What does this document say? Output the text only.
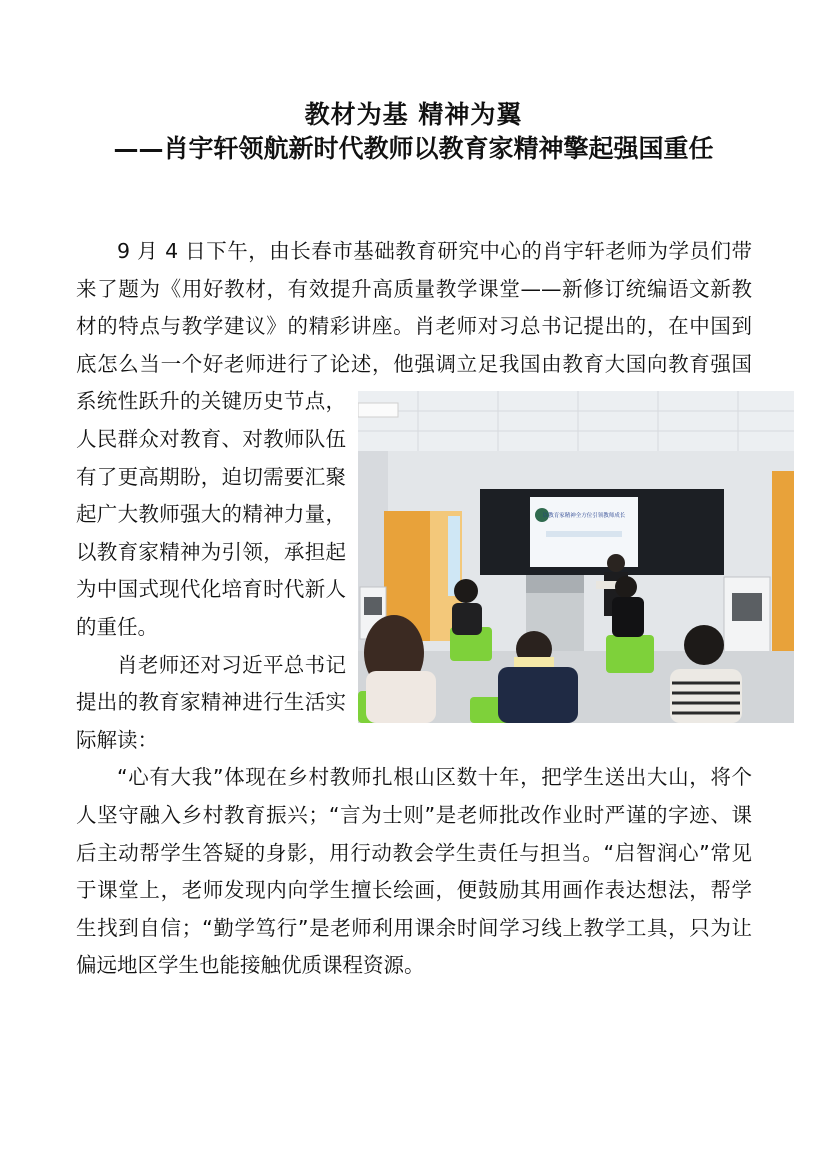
教材为基 精神为翼

——肖宇轩领航新时代教师以教育家精神擎起强国重任

9 月 4 日下午，由长春市基础教育研究中心的肖宇轩老师为学员们带来了题为《用好教材，有效提升高质量教学课堂——新修订统编语文新教材的特点与教学建议》的精彩讲座。肖老师对习总书记提出的，在中国到底怎么当一个好老师进行了论述，他强调立足我国由教育大
以教育家精神全方位引领教师成长
国向教育强国系统性跃升的关键历史节点，人民群众对教育、对教师队伍有了更高期盼，迫切需要汇聚起广大教师强大的精神力量，以教育家精神为引领，承担起为中国式现代化培育时代新人的重任。

肖老师还对习近平总书记提出的教育家精神进行生活实际解读：

“心有大我”体现在乡村教师扎根山区数十年，把学生送出大山，将个人坚守融入乡村教育振兴；“言为士则”是老师批改作业时严谨的字迹、课后主动帮学生答疑的身影，用行动教会学生责任与担当。“启智润心”常见于课堂上，老师发现内向学生擅长绘画，便鼓励其用画作表达想法，帮学生找到自信；“勤学笃行”是老师利用课余时间学习线上教学工具，只为让偏远地区学生也能接触优质课程资源。
